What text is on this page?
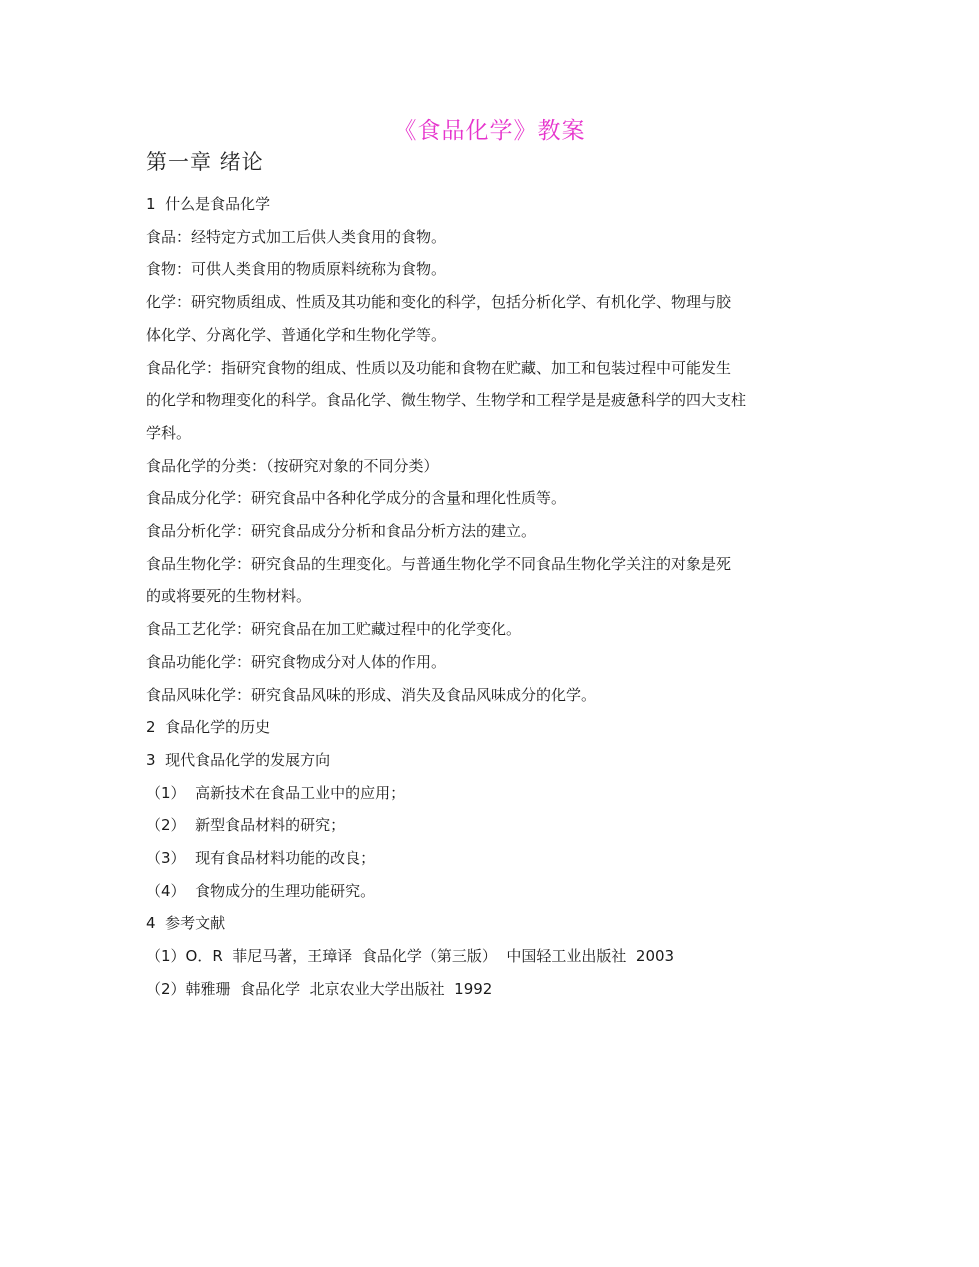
《食品化学》教案
第一章 绪论

1  什么是食品化学

食品：经特定方式加工后供人类食用的食物。

食物：可供人类食用的物质原料统称为食物。

化学：研究物质组成、性质及其功能和变化的科学，包括分析化学、有机化学、物理与胶

体化学、分离化学、普通化学和生物化学等。

食品化学：指研究食物的组成、性质以及功能和食物在贮藏、加工和包装过程中可能发生

的化学和物理变化的科学。食品化学、微生物学、生物学和工程学是是疲惫科学的四大支柱

学科。

食品化学的分类：（按研究对象的不同分类）

食品成分化学：研究食品中各种化学成分的含量和理化性质等。

食品分析化学：研究食品成分分析和食品分析方法的建立。

食品生物化学：研究食品的生理变化。与普通生物化学不同食品生物化学关注的对象是死

的或将要死的生物材料。

食品工艺化学：研究食品在加工贮藏过程中的化学变化。

食品功能化学：研究食物成分对人体的作用。

食品风味化学：研究食品风味的形成、消失及食品风味成分的化学。

2  食品化学的历史

3  现代食品化学的发展方向

（1）  高新技术在食品工业中的应用；

（2）  新型食品材料的研究；

（3）  现有食品材料功能的改良；

（4）  食物成分的生理功能研究。

4  参考文献

（1）O．R  菲尼马著，王璋译  食品化学（第三版）  中国轻工业出版社  2003

（2）韩雅珊  食品化学  北京农业大学出版社  1992
